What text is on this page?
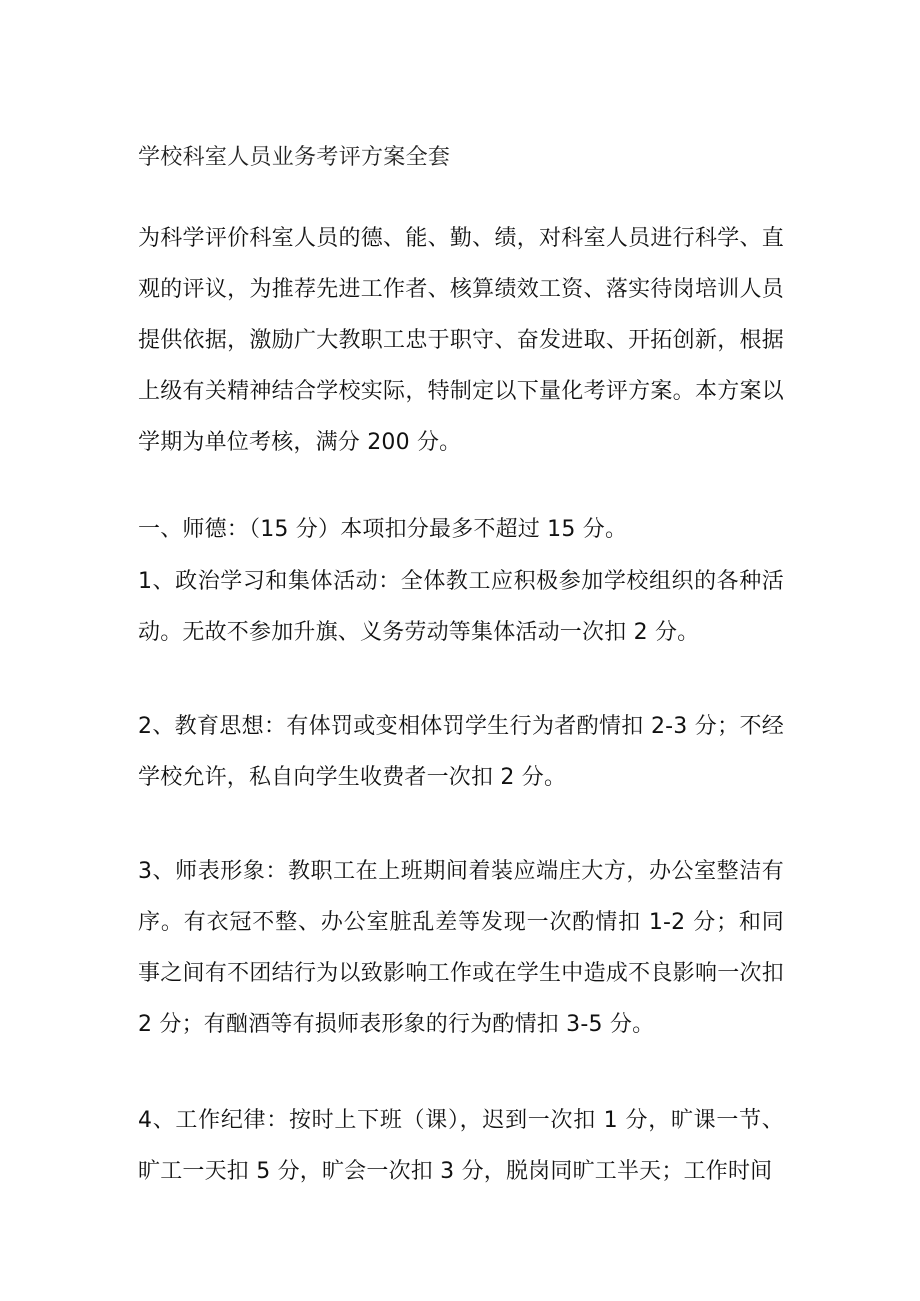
学校科室人员业务考评方案全套
为科学评价科室人员的德、能、勤、绩，对科室人员进行科学、直观的评议，为推荐先进工作者、核算绩效工资、落实待岗培训人员提供依据，激励广大教职工忠于职守、奋发进取、开拓创新，根据上级有关精神结合学校实际，特制定以下量化考评方案。本方案以学期为单位考核，满分 200 分。
一、师德：（15 分）本项扣分最多不超过 15 分。
1、政治学习和集体活动：全体教工应积极参加学校组织的各种活动。无故不参加升旗、义务劳动等集体活动一次扣 2 分。
2、教育思想：有体罚或变相体罚学生行为者酌情扣 2-3 分；不经学校允许，私自向学生收费者一次扣 2 分。
3、师表形象：教职工在上班期间着装应端庄大方，办公室整洁有序。有衣冠不整、办公室脏乱差等发现一次酌情扣 1-2 分；和同事之间有不团结行为以致影响工作或在学生中造成不良影响一次扣 2 分；有酗酒等有损师表形象的行为酌情扣 3-5 分。
4、工作纪律：按时上下班（课），迟到一次扣 1 分，旷课一节、旷工一天扣 5 分，旷会一次扣 3 分，脱岗同旷工半天；工作时间
